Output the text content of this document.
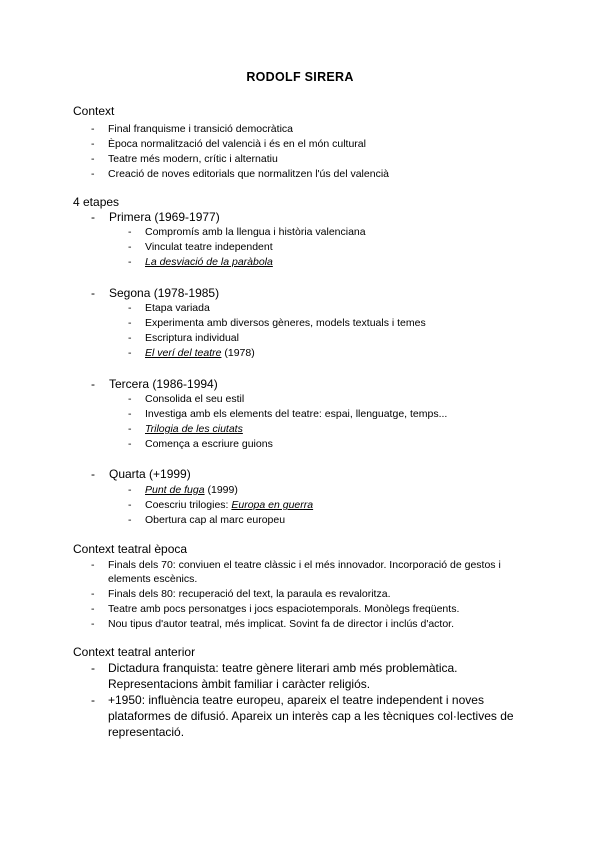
RODOLF SIRERA
Context
- Final franquisme i transició democràtica
- Època normalització del valencià i és en el món cultural
- Teatre més modern, crític i alternatiu
- Creació de noves editorials que normalitzen l'ús del valencià
4 etapes
- Primera (1969-1977)
- Compromís amb la llengua i història valenciana
- Vinculat teatre independent
- La desviació de la paràbola
- Segona (1978-1985)
- Etapa variada
- Experimenta amb diversos gèneres, models textuals i temes
- Escriptura individual
- El verí del teatre (1978)
- Tercera (1986-1994)
- Consolida el seu estil
- Investiga amb els elements del teatre: espai, llenguatge, temps...
- Trilogia de les ciutats
- Comença a escriure guions
- Quarta (+1999)
- Punt de fuga (1999)
- Coescriu trilogies: Europa en guerra
- Obertura cap al marc europeu
Context teatral època
- Finals dels 70: conviuen el teatre clàssic i el més innovador. Incorporació de gestos i
elements escènics.
- Finals dels 80: recuperació del text, la paraula es revaloritza.
- Teatre amb pocs personatges i jocs espaciotemporals. Monòlegs freqüents.
- Nou tipus d'autor teatral, més implicat. Sovint fa de director i inclús d'actor.
Context teatral anterior
- Dictadura franquista: teatre gènere literari amb més problemàtica.
Representacions àmbit familiar i caràcter religiós.
- +1950: influència teatre europeu, apareix el teatre independent i noves
plataformes de difusió. Apareix un interès cap a les tècniques col·lectives de
representació.
